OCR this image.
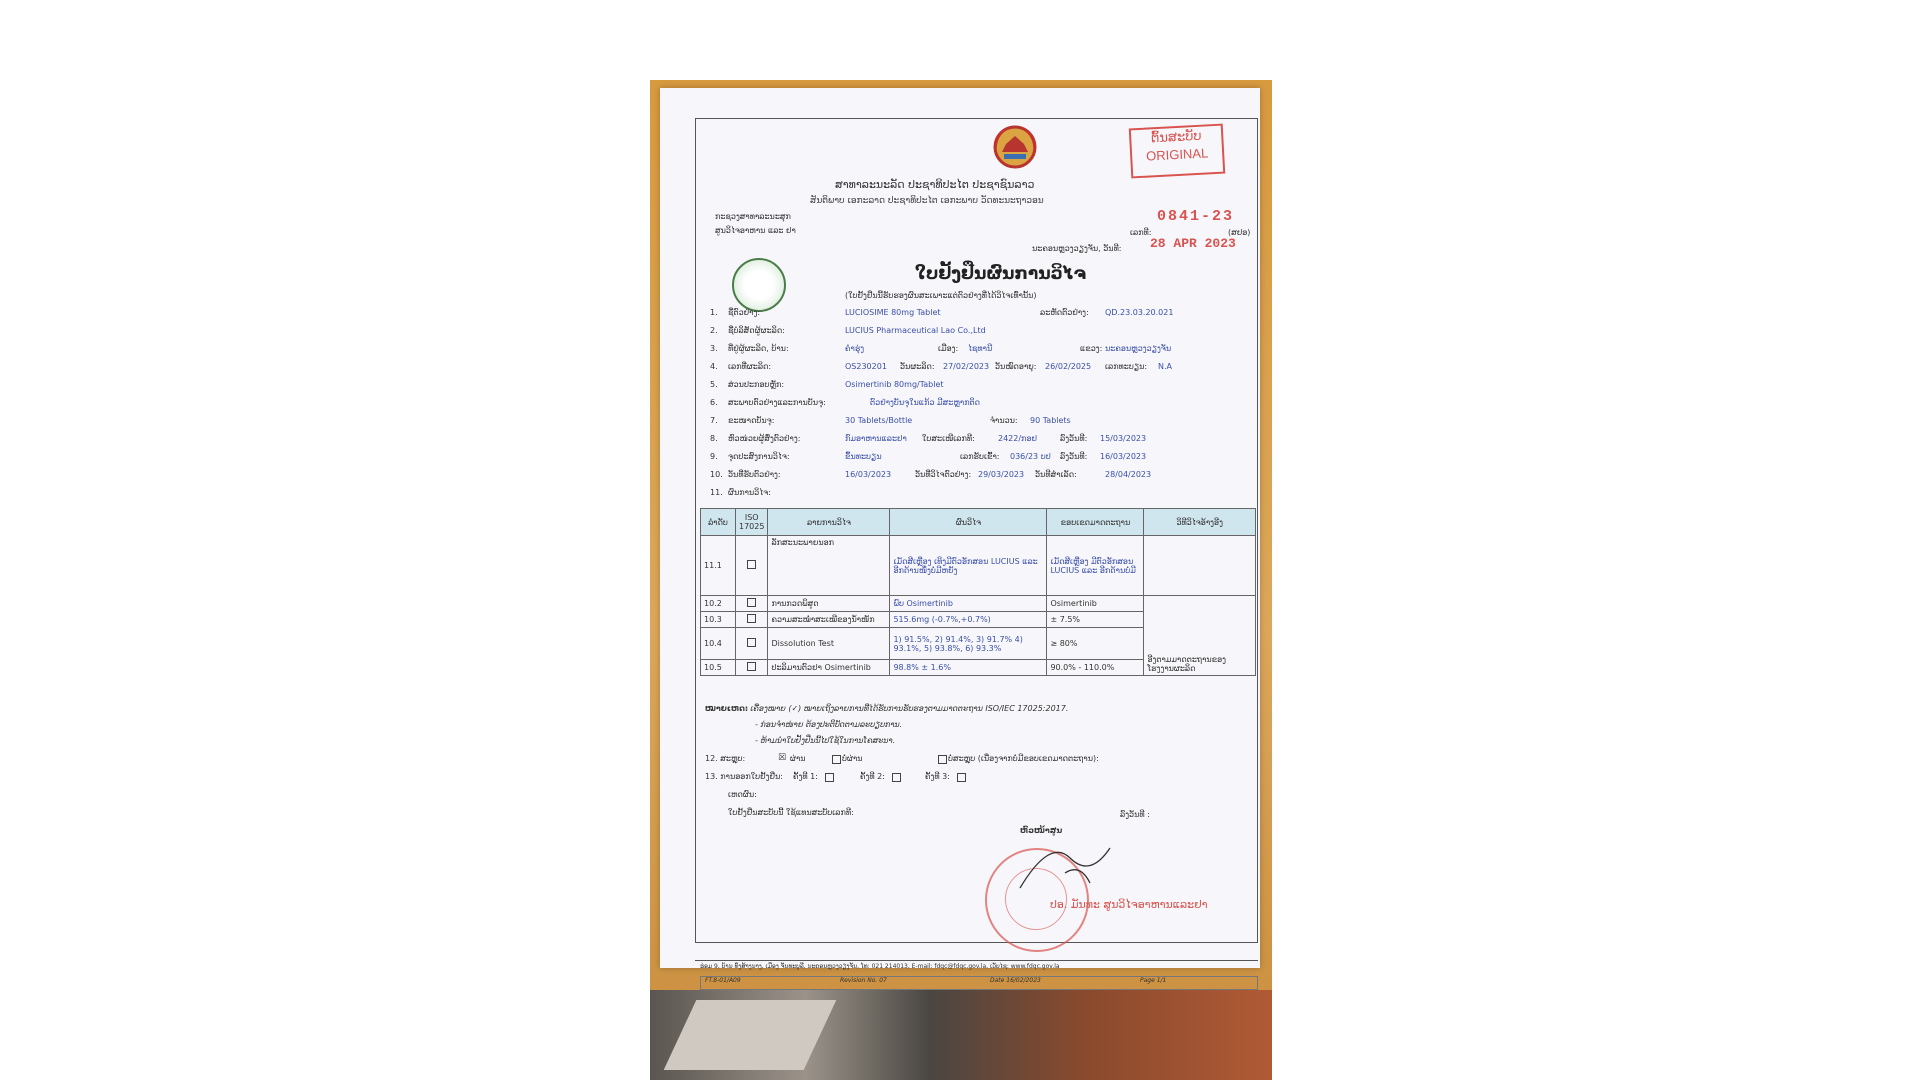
ຕົ້ນສະບັບ
ORIGINAL
ສາທາລະນະລັດ ປະຊາທິປະໄຕ ປະຊາຊົນລາວ
ສັນຕິພາບ ເອກະລາດ ປະຊາທິປະໄຕ ເອກະພາບ ວັດທະນະຖາວອນ
ກະຊວງສາທາລະນະສຸກ
ສູນວິໄຈອາຫານ ແລະ ຢາ
0841-23
ເລກທີ:	(ສຢອ)
ນະຄອນຫຼວງວຽງຈັນ, ວັນທີ: 28 APR 2023
ໃບຢັ້ງຢືນຜົນການວິໄຈ
(ໃບຢັ້ງຢືນນີ້ຮັບຮອງຜົນສະເພາະແຕ່ຕົວຢ່າງທີ່ໄດ້ວິໄຈເທົ່ານັ້ນ)
1. ຊື່ຕົວຢ່າງ:	LUCIOSIME 80mg Tablet	ລະຫັດຕົວຢ່າງ: QD.23.03.20.021
2. ຊື່ບໍລິສັດຜູ້ຜະລິດ:	LUCIUS Pharmaceutical Lao Co.,Ltd
3. ທີ່ຢູ່ຜູ້ຜະລິດ, ບ້ານ:	ຄຳຮຸ່ງ	ເມືອງ: ໄຊທານີ	ແຂວງ: ນະຄອນຫຼວງວຽງຈັນ
4. ເລກທີ່ຜະລິດ:	OS230201 ວັນຜະລິດ: 27/02/2023 ວັນໝົດອາຍຸ: 26/02/2025 ເລກທະບຽນ: N.A
5. ສ່ວນປະກອບຫຼັກ:	Osimertinib 80mg/Tablet
6. ສະພາບຕົວຢ່າງແລະການບັນຈຸ:	ຕົວຢ່າງບັນຈຸໃນແກ້ວ ມີສະຫຼາກຕິດ
7. ຂະໜາດບັນຈຸ:	30 Tablets/Bottle	ຈຳນວນ: 90 Tablets
8. ຫົວໜ່ວຍຜູ້ສົ່ງຕົວຢ່າງ:	ກົມອາຫານແລະຢາ ໃບສະເໜີເລກທີ:	2422/ກອຢ	ລົງວັນທີ: 15/03/2023
9. ຈຸດປະສົງການວິໄຈ:	ຂຶ້ນທະບຽນ	ເລກຮັບເຂົ້າ: 036/23 ບປ ລົງວັນທີ: 16/03/2023
10. ວັນທີ່ຮັບຕົວຢ່າງ:	16/03/2023	ວັນທີ່ວິໄຈຕົວຢ່າງ: 29/03/2023 ວັນທີສຳເລັດ:	28/04/2023
11. ຜົນການວິໄຈ:
ລຳດັບ	ISO 17025	ລາຍການວິໄຈ	ຜົນວິໄຈ	ຂອບເຂດມາດຕະຖານ	ວິທີວິໄຈອ້າງອີງ
11.1		ລັກສະນະພາຍນອກ	ເມັດສີເຫຼືອງ ເທິງມີຕົວອັກສອນ LUCIUS ແລະ ອີກດ້ານໜຶ່ງບໍ່ມີຫຍັງ	ເມັດສີເຫຼືອງ ມີຕົວອັກສອນ LUCIUS ແລະ ອີກດ້ານບໍ່ມີ	
10.2		ການກວດພິສູດ	ພົບ Osimertinib	Osimertinib	ອີງຕາມມາດຕະຖານຂອງໂຮງງານຜະລິດ
10.3		ຄວາມສະໝ່ຳສະເໝີຂອງນ້ຳໜັກ	515.6mg (-0.7%,+0.7%)	± 7.5%	
10.4		Dissolution Test	1) 91.5%, 2) 91.4%, 3) 91.7% 4) 93.1%, 5) 93.8%, 6) 93.3%	≥ 80%	
10.5		ປະລິມານຕົວຢາ Osimertinib	98.8% ± 1.6%	90.0% - 110.0%	
ໝາຍເຫດ:
- ເຄື່ອງໝາຍ (✓) ໝາຍເຖິງລາຍການທີ່ໄດ້ຮັບການຮັບຮອງຕາມມາດຕະຖານ ISO/IEC 17025:2017.
- ກ່ອນຈຳໜ່າຍ ຕ້ອງປະຕິບັດຕາມລະບຽບການ.
- ຫ້າມນຳໃບຢັ້ງຢືນນີ້ໄປໃຊ້ໃນການໂຄສະນາ.
12. ສະຫຼຸບ:	☒ ຜ່ານ	ບໍ່ຜ່ານ	ບໍ່ສະຫຼຸບ (ເນື່ອງຈາກບໍ່ມີຂອບເຂດມາດຕະຖານ):
13. ການອອກໃບຢັ້ງຢືນ: ຄັ້ງທີ 1:	ຄັ້ງທີ 2:	ຄັ້ງທີ 3:
ເຫດຜົນ:
ໃບຢັ້ງຢືນສະບັບນີ້ ໃຊ້ແທນສະບັບເລກທີ:	ລົງວັນທີ :
ຫົວໜ້າສູນ
ປອ. ມັນທະ ສູນວິໄຈອາຫານແລະຢາ
ຮ່ອມ 9, ບ້ານ ທົ່ງສ້າງນາງ, ເມືອງ ຈັນທະບູລີ, ນະຄອນຫຼວງວຽງຈັນ, ໂທ: 021 214013, E-mail: fdqc@fdqc.gov.la, ເວັບໄຊ: www.fdqc.gov.la
FT.8-01/A09	Revision No. 07	Date 16/02/2023	Page 1/1
